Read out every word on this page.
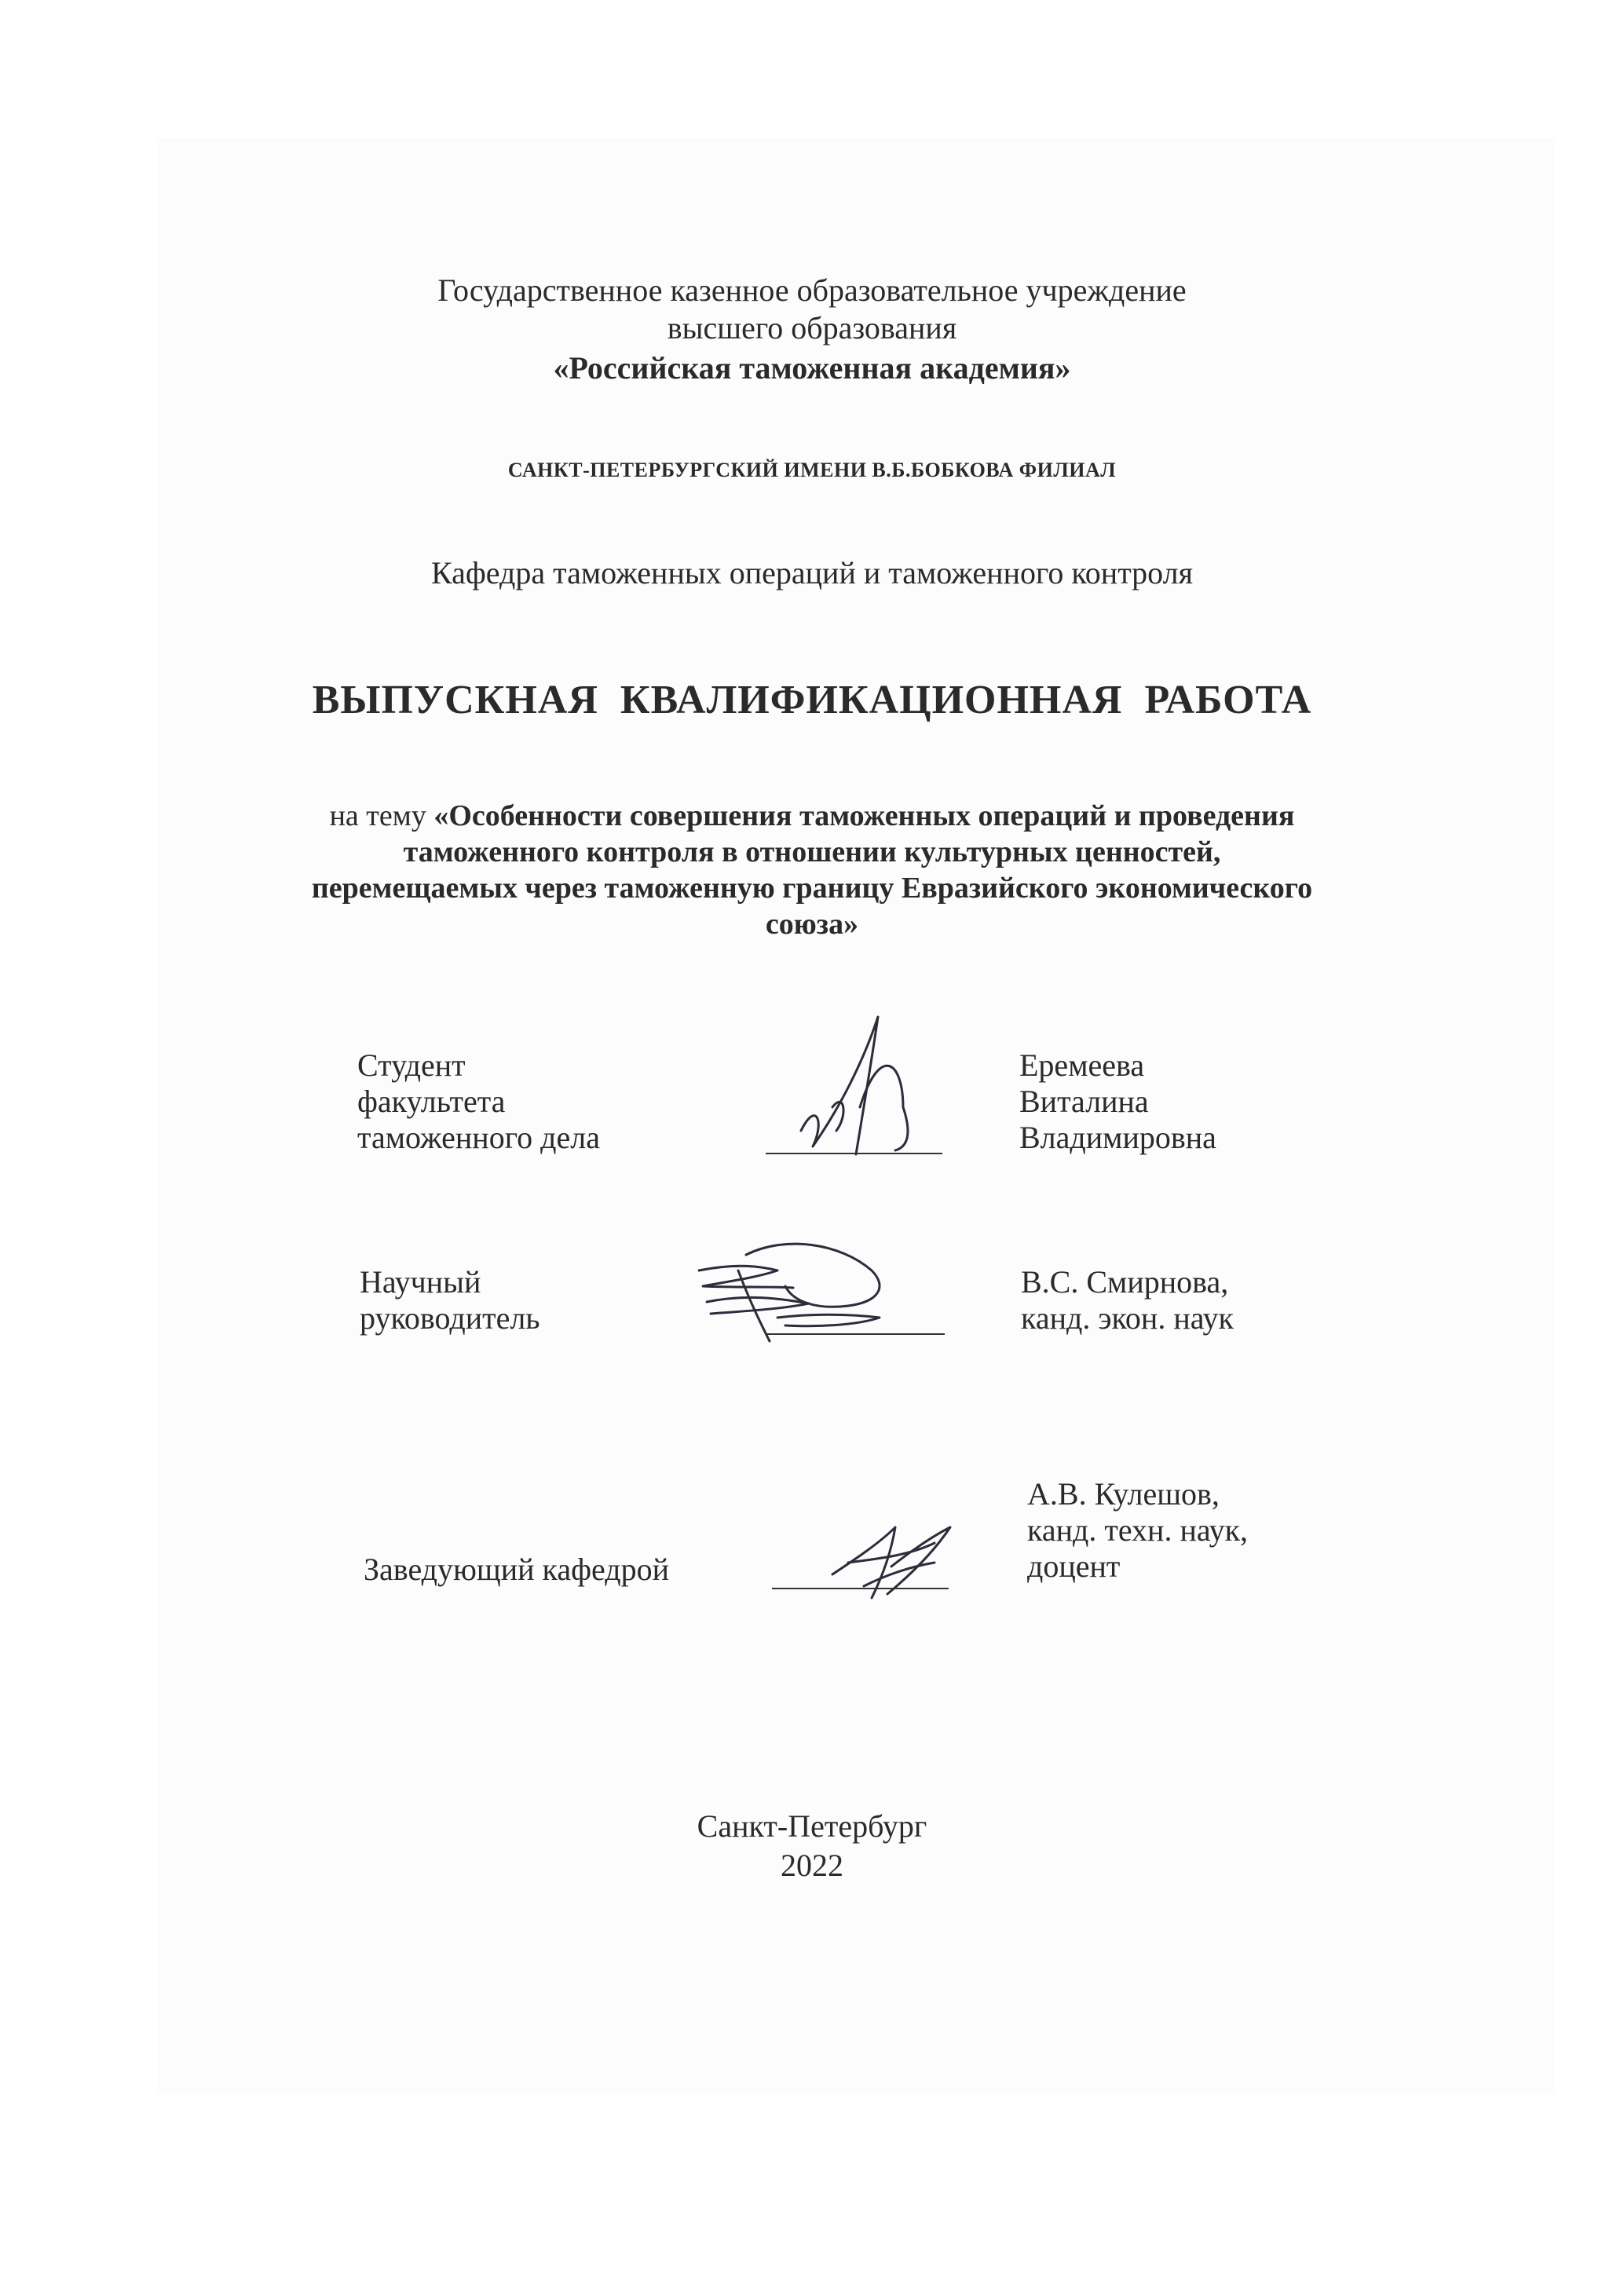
Государственное казенное образовательное учреждение
высшего образования
«Российская таможенная академия»
САНКТ-ПЕТЕРБУРГСКИЙ ИМЕНИ В.Б.БОБКОВА ФИЛИАЛ
Кафедра таможенных операций и таможенного контроля
ВЫПУСКНАЯ КВАЛИФИКАЦИОННАЯ РАБОТА
на тему «Особенности совершения таможенных операций и проведения
таможенного контроля в отношении культурных ценностей,
перемещаемых через таможенную границу Евразийского экономического
союза»
Студент
факультета
таможенного дела
Еремеева
Виталина
Владимировна
Научный
руководитель
В.С. Смирнова,
канд. экон. наук
Заведующий кафедрой
А.В. Кулешов,
канд. техн. наук,
доцент
Санкт-Петербург
2022
